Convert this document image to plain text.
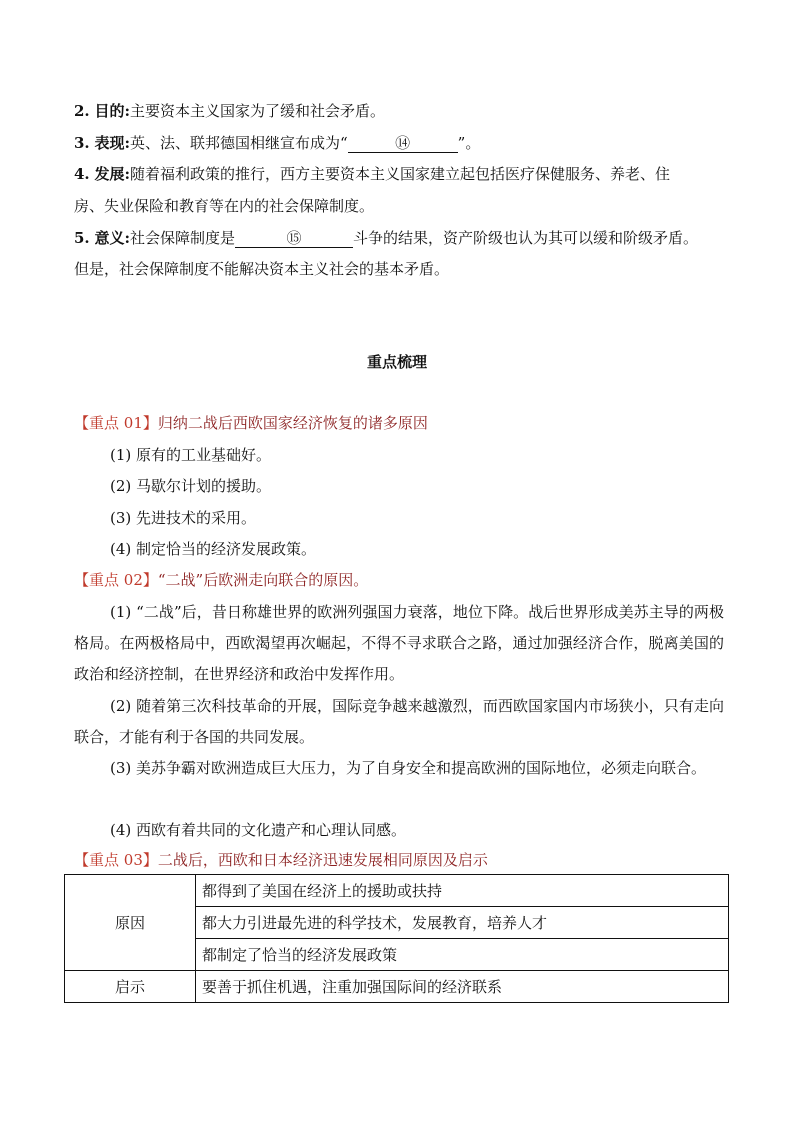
2. 目的:主要资本主义国家为了缓和社会矛盾。
3. 表现:英、法、联邦德国相继宣布成为“	⑭	”。
4. 发展:随着福利政策的推行，西方主要资本主义国家建立起包括医疗保健服务、养老、住
房、失业保险和教育等在内的社会保障制度。
5. 意义:社会保障制度是	⑮	斗争的结果，资产阶级也认为其可以缓和阶级矛盾。
但是，社会保障制度不能解决资本主义社会的基本矛盾。
重点梳理
【重点 01】归纳二战后西欧国家经济恢复的诸多原因
(1) 原有的工业基础好。
(2) 马歇尔计划的援助。
(3) 先进技术的采用。
(4) 制定恰当的经济发展政策。
【重点 02】“二战”后欧洲走向联合的原因。
(1) “二战”后，昔日称雄世界的欧洲列强国力衰落，地位下降。战后世界形成美苏主导的两极格局。在两极格局中，西欧渴望再次崛起，不得不寻求联合之路，通过加强经济合作，脱离美国的政治和经济控制，在世界经济和政治中发挥作用。
(2) 随着第三次科技革命的开展，国际竞争越来越激烈，而西欧国家国内市场狭小，只有走向联合，才能有利于各国的共同发展。
(3) 美苏争霸对欧洲造成巨大压力，为了自身安全和提高欧洲的国际地位，必须走向联合。
(4) 西欧有着共同的文化遗产和心理认同感。
【重点 03】二战后，西欧和日本经济迅速发展相同原因及启示
原因	都得到了美国在经济上的援助或扶持
	都大力引进最先进的科学技术，发展教育，培养人才
	都制定了恰当的经济发展政策
启示	要善于抓住机遇，注重加强国际间的经济联系
